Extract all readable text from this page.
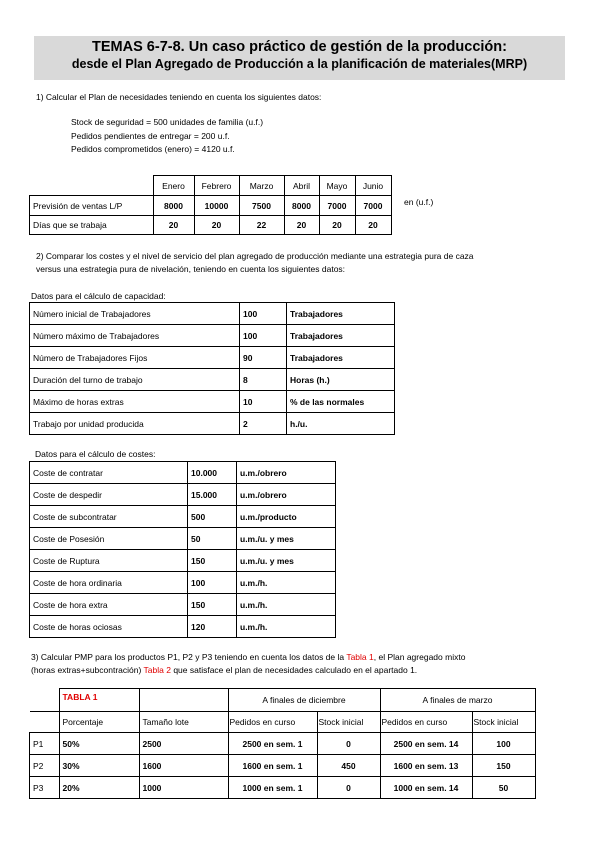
TEMAS 6-7-8. Un caso práctico de gestión de la producción:
desde el Plan Agregado de Producción a la planificación de materiales(MRP)
1) Calcular el Plan de necesidades teniendo en cuenta los siguientes datos:
Stock de seguridad = 500 unidades de familia (u.f.)
Pedidos pendientes de entregar = 200 u.f.
Pedidos comprometidos (enero) = 4120 u.f.
	Enero	Febrero	Marzo	Abril	Mayo	Junio
Previsión de ventas L/P	8000	10000	7500	8000	7000	7000
Días que se trabaja	20	20	22	20	20	20
en (u.f.)
2) Comparar los costes y el nivel de servicio del plan agregado de producción mediante una estrategia pura de caza
versus una estrategia pura de nivelación, teniendo en cuenta los siguientes datos:
Datos para el cálculo de capacidad:
Número inicial de Trabajadores	100	Trabajadores
Número máximo de Trabajadores	100	Trabajadores
Número de Trabajadores Fijos	90	Trabajadores
Duración del turno de trabajo	8	Horas (h.)
Máximo de horas extras	10	% de las normales
Trabajo por unidad producida	2	h./u.
Datos para el cálculo de costes:
Coste de contratar	10.000	u.m./obrero
Coste de despedir	15.000	u.m./obrero
Coste de subcontratar	500	u.m./producto
Coste de Posesión	50	u.m./u. y mes
Coste de Ruptura	150	u.m./u. y mes
Coste de hora ordinaria	100	u.m./h.
Coste de hora extra	150	u.m./h.
Coste de horas ociosas	120	u.m./h.
3) Calcular PMP para los productos P1, P2 y P3 teniendo en cuenta los datos de la Tabla 1, el Plan agregado mixto
(horas extras+subcontración) Tabla 2 que satisface el plan de necesidades calculado en el apartado 1.
	TABLA 1		A finales de diciembre		A finales de marzo	
	Porcentaje	Tamaño lote	Pedidos en curso	Stock inicial	Pedidos en curso	Stock inicial
P1	50%	2500	2500 en sem. 1	0	2500 en sem. 14	100
P2	30%	1600	1600 en sem. 1	450	1600 en sem. 13	150
P3	20%	1000	1000 en sem. 1	0	1000 en sem. 14	50
